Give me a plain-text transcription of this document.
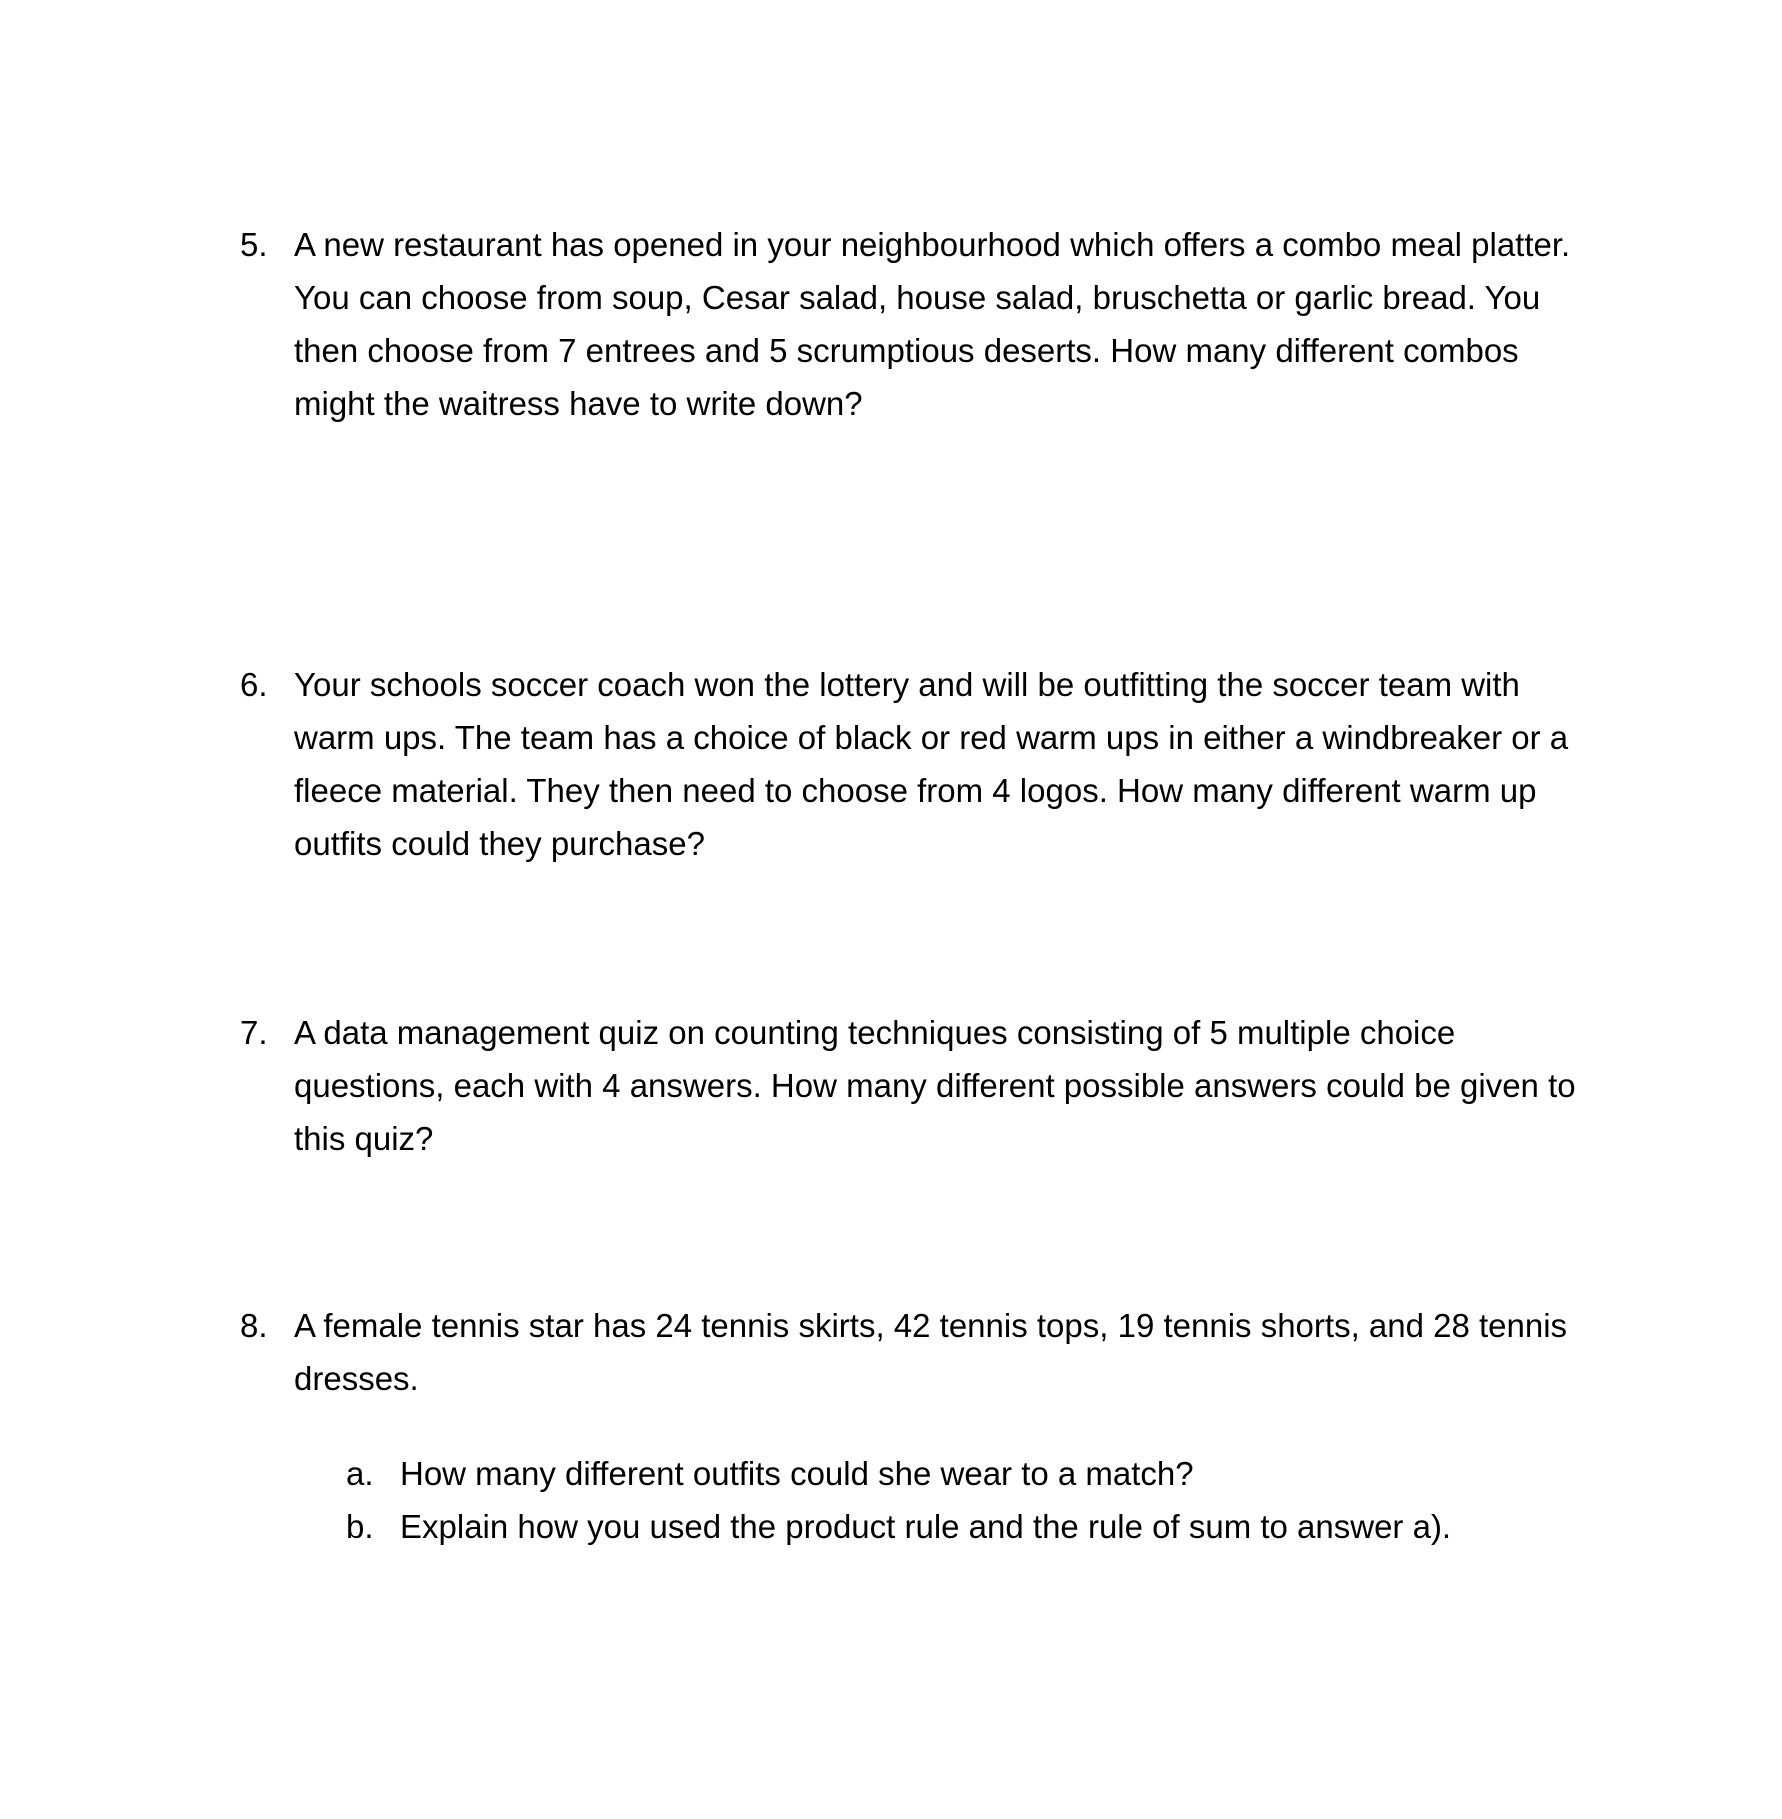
5. A new restaurant has opened in your neighbourhood which offers a combo meal platter. You can choose from soup, Cesar salad, house salad, bruschetta or garlic bread. You then choose from 7 entrees and 5 scrumptious deserts. How many different combos might the waitress have to write down?
6. Your schools soccer coach won the lottery and will be outfitting the soccer team with warm ups. The team has a choice of black or red warm ups in either a windbreaker or a fleece material. They then need to choose from 4 logos. How many different warm up outfits could they purchase?
7. A data management quiz on counting techniques consisting of 5 multiple choice questions, each with 4 answers. How many different possible answers could be given to this quiz?
8. A female tennis star has 24 tennis skirts, 42 tennis tops, 19 tennis shorts, and 28 tennis dresses.
a. How many different outfits could she wear to a match?
b. Explain how you used the product rule and the rule of sum to answer a).
